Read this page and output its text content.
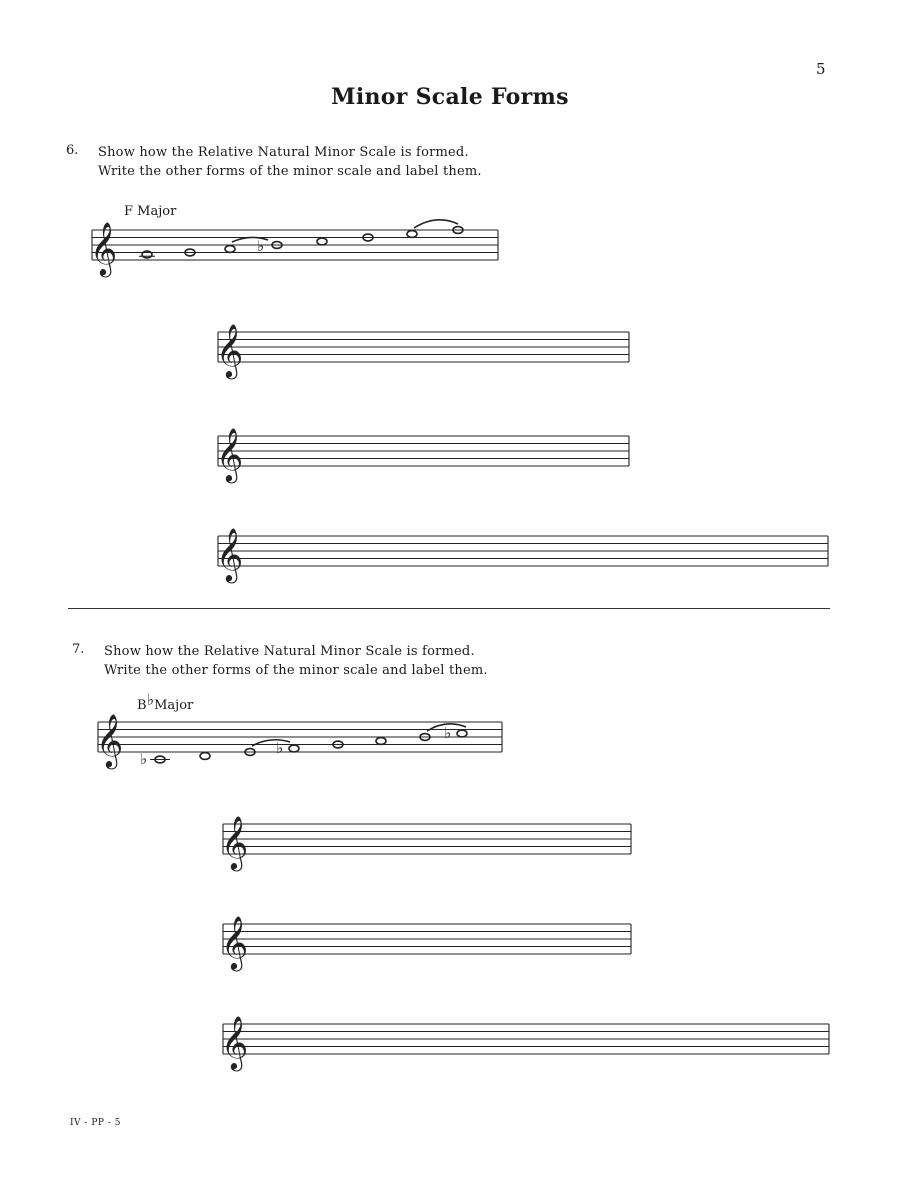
5
Minor Scale Forms
6. Show how the Relative Natural Minor Scale is formed.
Write the other forms of the minor scale and label them.
F Major
𝄞	♭
𝄞
𝄞
𝄞
7. Show how the Relative Natural Minor Scale is formed.
Write the other forms of the minor scale and label them.
B♭Major
𝄞 ♭
♭
♭
𝄞
𝄞
𝄞
IV - PP - 5
